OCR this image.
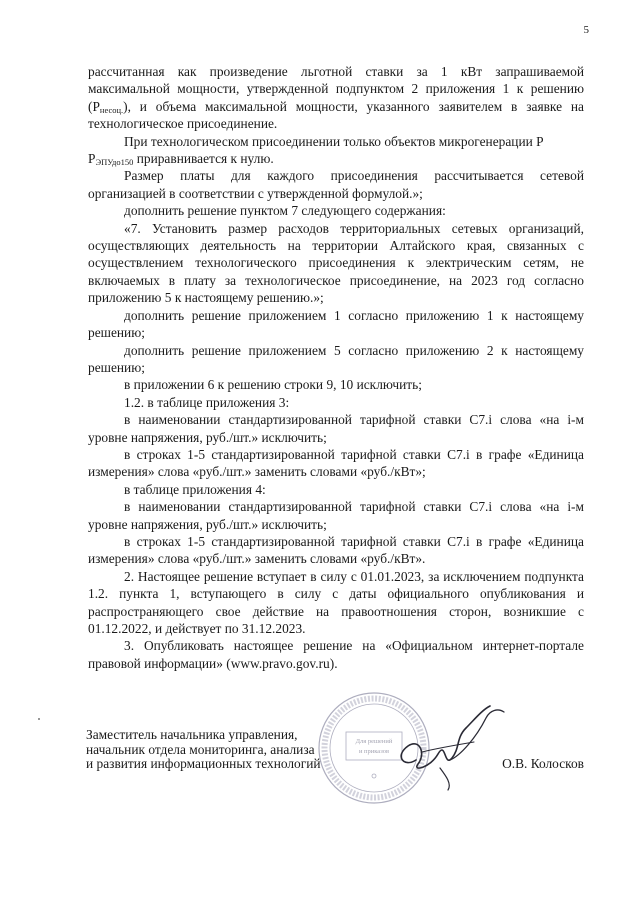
5

рассчитанная как произведение льготной ставки за 1 кВт запрашиваемой максимальной мощности, утвержденной подпунктом 2 приложения 1 к решению $(Р_{несоц.})$, и объема максимальной мощности, указанного заявителем в заявке на технологическое присоединение.

При технологическом присоединении только объектов микрогенерации Р

$Р_{ЭПУдо150}$ приравнивается к нулю.

Размер платы для каждого присоединения рассчитывается сетевой организацией в соответствии с утвержденной формулой.»;

дополнить решение пунктом 7 следующего содержания:

«7. Установить размер расходов территориальных сетевых организаций, осуществляющих деятельность на территории Алтайского края, связанных с осуществлением технологического присоединения к электрическим сетям, не включаемых в плату за технологическое присоединение, на 2023 год согласно приложению 5 к настоящему решению.»;

дополнить решение приложением 1 согласно приложению 1 к настоящему решению;

дополнить решение приложением 5 согласно приложению 2 к настоящему решению;

в приложении 6 к решению строки 9, 10 исключить;

1.2. в таблице приложения 3:

в наименовании стандартизированной тарифной ставки С7.i слова «на i-м уровне напряжения, руб./шт.» исключить;

в строках 1-5 стандартизированной тарифной ставки С7.i в графе «Единица измерения» слова «руб./шт.» заменить словами «руб./кВт»;

в таблице приложения 4:

в наименовании стандартизированной тарифной ставки С7.i слова «на i-м уровне напряжения, руб./шт.» исключить;

в строках 1-5 стандартизированной тарифной ставки С7.i в графе «Единица измерения» слова «руб./шт.» заменить словами «руб./кВт».

2. Настоящее решение вступает в силу с 01.01.2023, за исключением подпункта 1.2. пункта 1, вступающего в силу с даты официального опубликования и распространяющего свое действие на правоотношения сторон, возникшие с 01.12.2022, и действует по 31.12.2023.

3. Опубликовать настоящее решение на «Официальном интернет-портале правовой информации» (www.pravo.gov.ru).

Заместитель начальника управления,
начальник отдела мониторинга, анализа
и развития информационных технологий
Для решений
и приказов
О.В. Колосков
